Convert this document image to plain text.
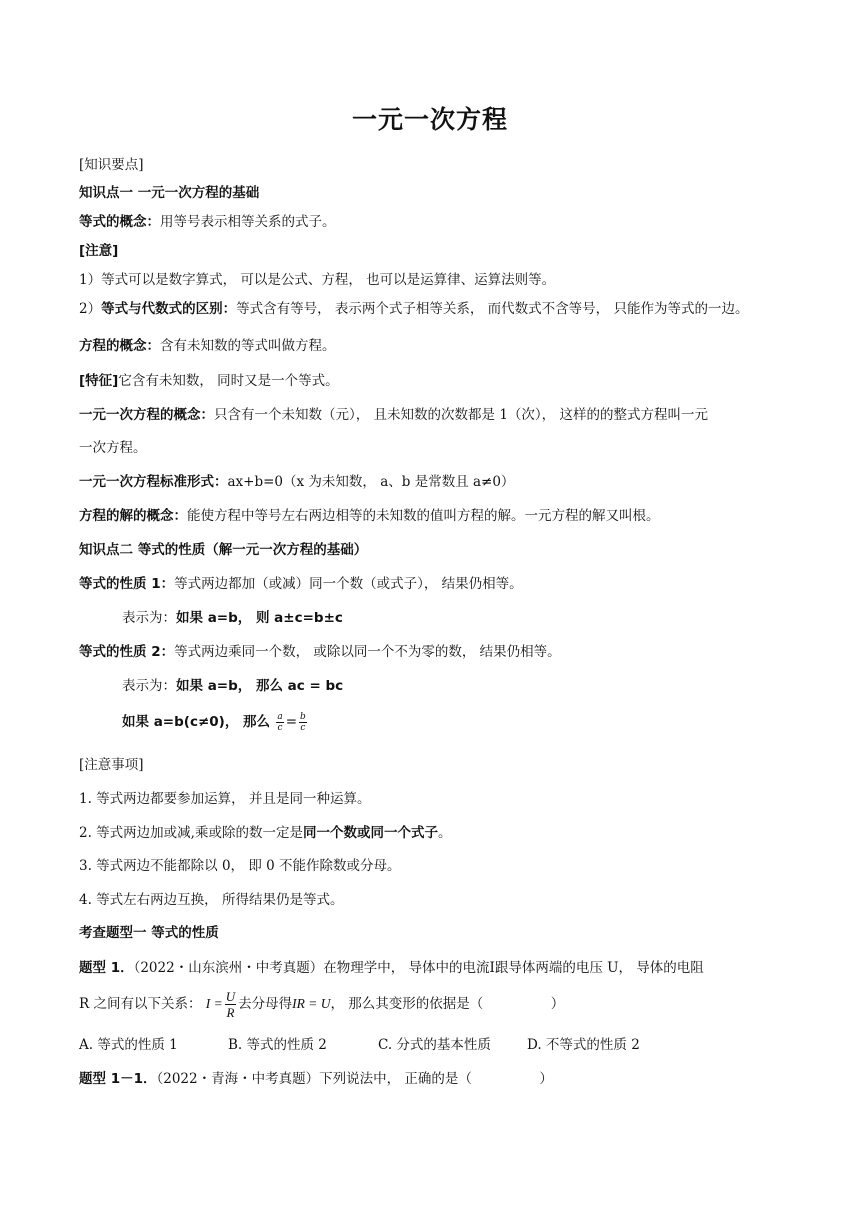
一元一次方程
[知识要点]
知识点一 一元一次方程的基础
等式的概念：用等号表示相等关系的式子。
[注意]
1）等式可以是数字算式， 可以是公式、方程， 也可以是运算律、运算法则等。
2）等式与代数式的区别：等式含有等号， 表示两个式子相等关系， 而代数式不含等号， 只能作为等式的一边。
方程的概念：含有未知数的等式叫做方程。
[特征]它含有未知数， 同时又是一个等式。
一元一次方程的概念：只含有一个未知数（元）， 且未知数的次数都是 1（次）， 这样的的整式方程叫一元
一次方程。
一元一次方程标准形式：ax+b=0（x 为未知数， a、b 是常数且 a≠0）
方程的解的概念：能使方程中等号左右两边相等的未知数的值叫方程的解。一元方程的解又叫根。
知识点二 等式的性质（解一元一次方程的基础）
等式的性质 1：等式两边都加（或减）同一个数（或式子）， 结果仍相等。
表示为：如果 a=b， 则 a±c=b±c
等式的性质 2：等式两边乘同一个数， 或除以同一个不为零的数， 结果仍相等。
表示为：如果 a=b， 那么 ac = bc
如果 a=b(c≠0)， 那么 $\frac{a}{c} = \frac{b}{c}$
[注意事项]
1. 等式两边都要参加运算， 并且是同一种运算。
2. 等式两边加或减,乘或除的数一定是同一个数或同一个式子。
3. 等式两边不能都除以 0， 即 0 不能作除数或分母。
4. 等式左右两边互换， 所得结果仍是等式。
考查题型一 等式的性质
题型 1．（2022・山东滨州・中考真题）在物理学中， 导体中的电流Ⅰ跟导体两端的电压 U， 导体的电阻
R 之间有以下关系： $I = \frac{U}{R}$ 去分母得IR = U， 那么其变形的依据是（　　　　　）
A. 等式的性质 1	B. 等式的性质 2	C. 分式的基本性质	D. 不等式的性质 2
题型 1－1．（2022・青海・中考真题）下列说法中， 正确的是（　　　　　）
